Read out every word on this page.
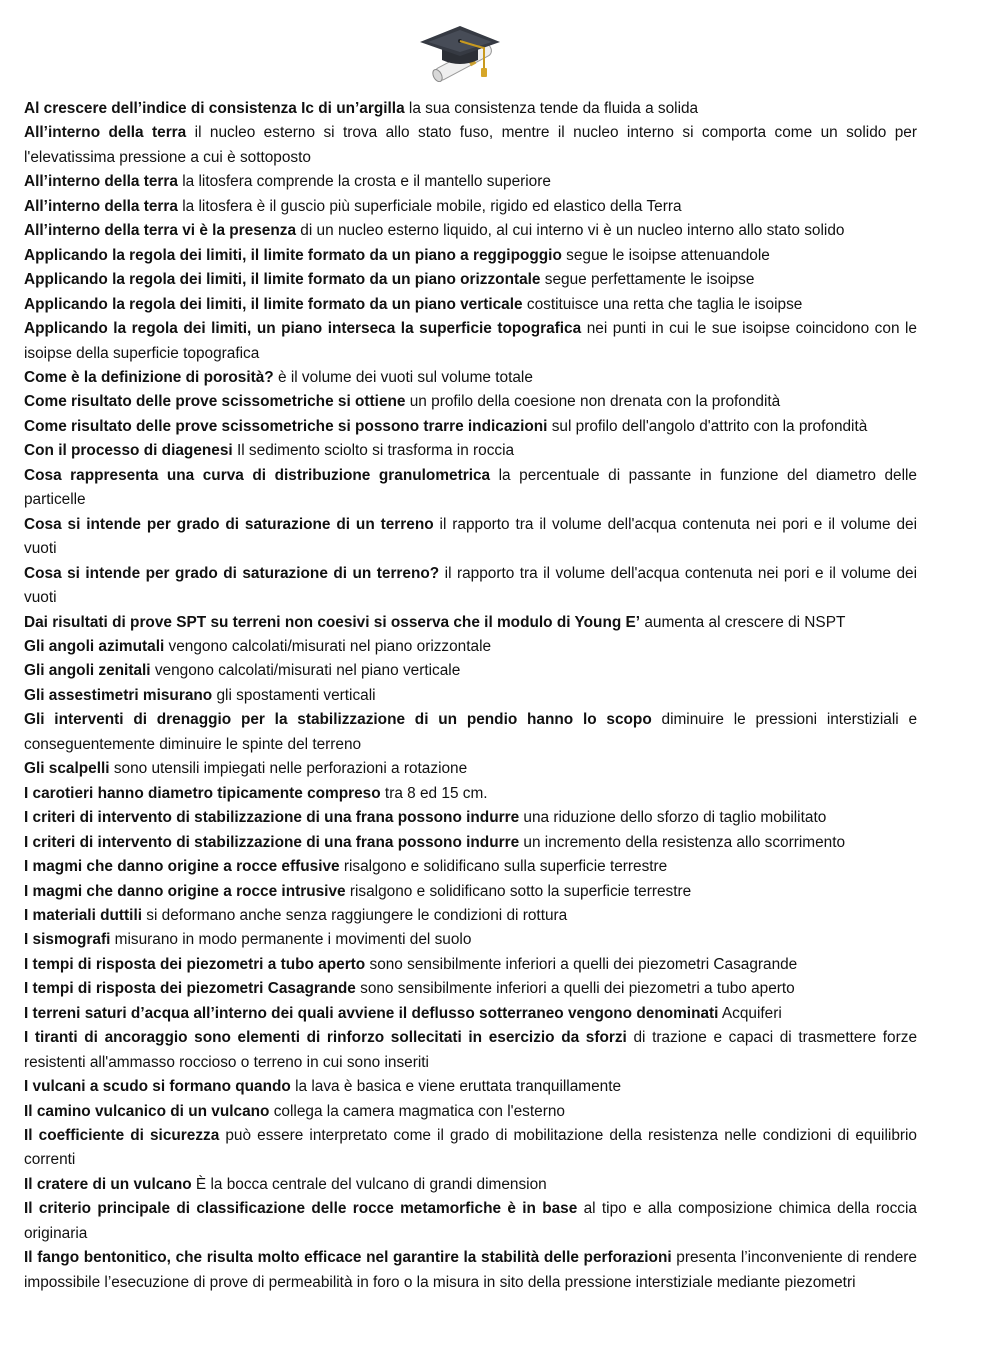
Al crescere dell’indice di consistenza Ic di un’argilla la sua consistenza tende da fluida a solida
All’interno della terra il nucleo esterno si trova allo stato fuso, mentre il nucleo interno si comporta come un solido per l'elevatissima pressione a cui è sottoposto
All’interno della terra la litosfera comprende la crosta e il mantello superiore
All’interno della terra la litosfera è il guscio più superficiale mobile, rigido ed elastico della Terra
All’interno della terra vi è la presenza di un nucleo esterno liquido, al cui interno vi è un nucleo interno allo stato solido
Applicando la regola dei limiti, il limite formato da un piano a reggipoggio segue le isoipse attenuandole
Applicando la regola dei limiti, il limite formato da un piano orizzontale segue perfettamente le isoipse
Applicando la regola dei limiti, il limite formato da un piano verticale costituisce una retta che taglia le isoipse
Applicando la regola dei limiti, un piano interseca la superficie topografica nei punti in cui le sue isoipse coincidono con le isoipse della superficie topografica
Come è la definizione di porosità? è il volume dei vuoti sul volume totale
Come risultato delle prove scissometriche si ottiene un profilo della coesione non drenata con la profondità
Come risultato delle prove scissometriche si possono trarre indicazioni sul profilo dell'angolo d'attrito con la profondità
Con il processo di diagenesi Il sedimento sciolto si trasforma in roccia
Cosa rappresenta una curva di distribuzione granulometrica la percentuale di passante in funzione del diametro delle particelle
Cosa si intende per grado di saturazione di un terreno il rapporto tra il volume dell'acqua contenuta nei pori e il volume dei vuoti
Cosa si intende per grado di saturazione di un terreno? il rapporto tra il volume dell'acqua contenuta nei pori e il volume dei vuoti
Dai risultati di prove SPT su terreni non coesivi si osserva che il modulo di Young E’ aumenta al crescere di NSPT
Gli angoli azimutali vengono calcolati/misurati nel piano orizzontale
Gli angoli zenitali vengono calcolati/misurati nel piano verticale
Gli assestimetri misurano gli spostamenti verticali
Gli interventi di drenaggio per la stabilizzazione di un pendio hanno lo scopo diminuire le pressioni interstiziali e conseguentemente diminuire le spinte del terreno
Gli scalpelli sono utensili impiegati nelle perforazioni a rotazione
I carotieri hanno diametro tipicamente compreso tra 8 ed 15 cm.
I criteri di intervento di stabilizzazione di una frana possono indurre una riduzione dello sforzo di taglio mobilitato
I criteri di intervento di stabilizzazione di una frana possono indurre un incremento della resistenza allo scorrimento
I magmi che danno origine a rocce effusive risalgono e solidificano sulla superficie terrestre
I magmi che danno origine a rocce intrusive risalgono e solidificano sotto la superficie terrestre
I materiali duttili si deformano anche senza raggiungere le condizioni di rottura
I sismografi misurano in modo permanente i movimenti del suolo
I tempi di risposta dei piezometri a tubo aperto sono sensibilmente inferiori a quelli dei piezometri Casagrande
I tempi di risposta dei piezometri Casagrande sono sensibilmente inferiori a quelli dei piezometri a tubo aperto
I terreni saturi d’acqua all’interno dei quali avviene il deflusso sotterraneo vengono denominati Acquiferi
I tiranti di ancoraggio sono elementi di rinforzo sollecitati in esercizio da sforzi di trazione e capaci di trasmettere forze resistenti all'ammasso roccioso o terreno in cui sono inseriti
I vulcani a scudo si formano quando la lava è basica e viene eruttata tranquillamente
Il camino vulcanico di un vulcano collega la camera magmatica con l'esterno
Il coefficiente di sicurezza può essere interpretato come il grado di mobilitazione della resistenza nelle condizioni di equilibrio correnti
Il cratere di un vulcano È la bocca centrale del vulcano di grandi dimension
Il criterio principale di classificazione delle rocce metamorfiche è in base al tipo e alla composizione chimica della roccia originaria
Il fango bentonitico, che risulta molto efficace nel garantire la stabilità delle perforazioni presenta l’inconveniente di rendere impossibile l’esecuzione di prove di permeabilità in foro o la misura in sito della pressione interstiziale mediante piezometri
